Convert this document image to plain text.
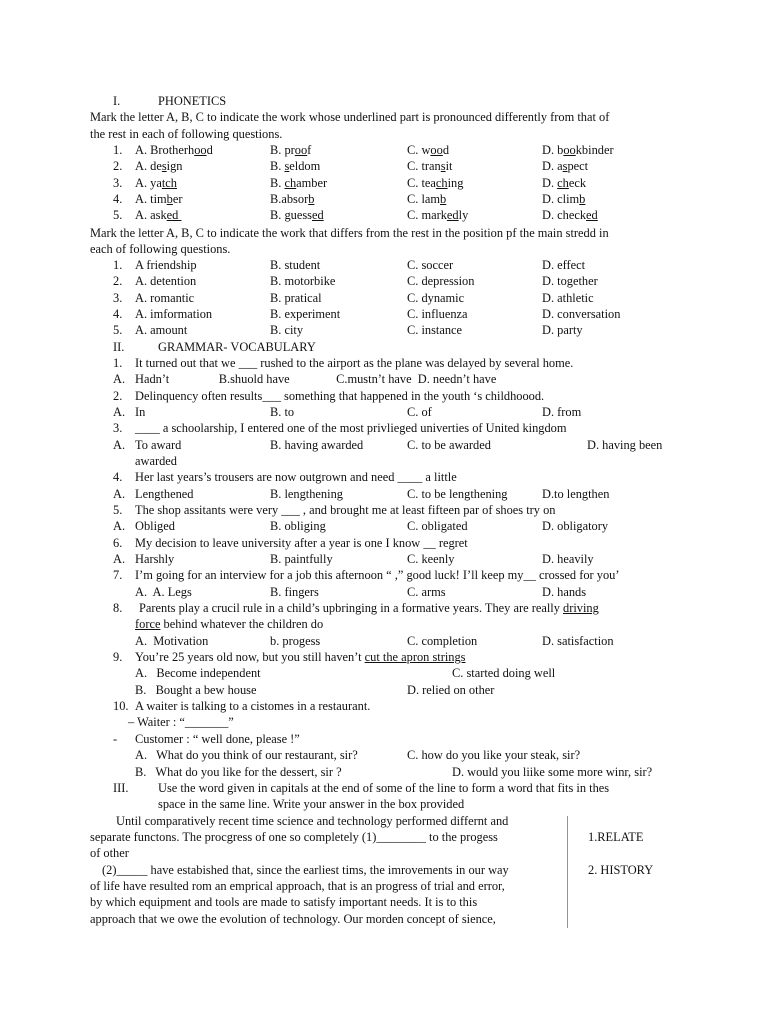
I.	PHONETICS
Mark the letter A, B, C to indicate the work whose underlined part is pronounced differently from that of
the rest in each of following questions.
1. A. Brotherhood	B. proof	C. wood	D. bookbinder
2. A. design	B. seldom	C. transit	D. aspect
3. A. yatch	B. chamber	C. teaching	D. check
4. A. timber	B.absorb	C. lamb	D. climb
5. A. asked	B. guessed	C. markedly	D. checked
Mark the letter A, B, C to indicate the work that differs from the rest in the position pf the main stredd in
each of following questions.
1. A friendship	B. student	C. soccer	D. effect
2. A. detention	B. motorbike	C. depression	D. together
3. A. romantic	B. pratical	C. dynamic	D. athletic
4. A. imformation	B. experiment	C. influenza	D. conversation
5. A. amount	B. city	C. instance	D. party
II.	GRAMMAR- VOCABULARY
1. It turned out that we ___ rushed to the airport as the plane was delayed by several home.
A. Hadn’t                B.shuold have               C.mustn’t have  D. needn’t have
2. Delinquency often results___ something that happened in the youth ‘s childhoood.
A. In	B. to	C. of	D. from
3. ____ a schoolarship, I entered one of the most privlieged univerties of United kingdom
A. To award	B. having awarded	C. to be awarded	D. having been
awarded
4. Her last years’s trousers are now outgrown and need ____ a little
A. Lengthened	B. lengthening	C. to be lengthening	D.to lengthen
5. The shop assitants were very ___ , and brought me at least fifteen par of shoes try on
A. Obliged	B. obliging	C. obligated	D. obligatory
6. My decision to leave university after a year is one I know __ regret
A. Harshly	B. paintfully	C. keenly	D. heavily
7. I’m going for an interview for a job this afternoon “ ,” good luck! I’ll keep my__ crossed for you’
A.  A. Legs	B. fingers	C. arms	D. hands
8. Parents play a crucil rule in a child’s upbringing in a formative years. They are really driving
force behind whatever the children do
A.  Motivation	b. progess	C. completion	D. satisfaction
9. You’re 25 years old now, but you still haven’t cut the apron strings
A.   Become independent	C. started doing well
B.   Bought a bew house	D. relied on other
10. A waiter is talking to a cistomes in a restaurant.
– Waiter : “_______”
- Customer : “ well done, please !”
A.   What do you think of our restaurant, sir?	C. how do you like your steak, sir?
B.   What do you like for the dessert, sir ?	D. would you liike some more winr, sir?
III. Use the word given in capitals at the end of some of the line to form a word that fits in thes
space in the same line. Write your answer in the box provided
Until comparatively recent time science and technology performed differnt and
separate functons. The procgress of one so completely (1)________ to the progess
of other
(2)_____ have estabished that, since the earliest tims, the imrovements in our way
of life have resulted rom an emprical approach, that is an progress of trial and error,
by which equipment and tools are made to satisfy important needs. It is to this
approach that we owe the evolution of technology. Our morden concept of sience,
1.RELATE
2. HISTORY
